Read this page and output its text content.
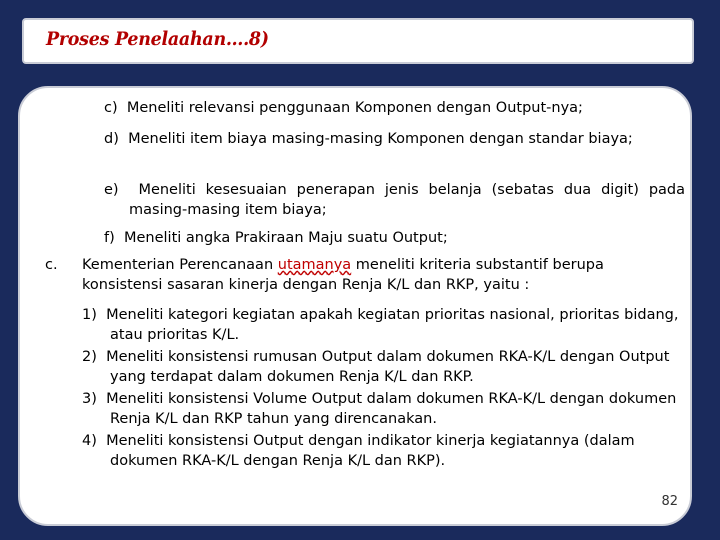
Proses Penelaahan….8)
c) Meneliti relevansi penggunaan Komponen dengan Output-nya;
d) Meneliti item biaya masing-masing Komponen dengan standar biaya;
e) Meneliti kesesuaian penerapan jenis belanja (sebatas dua digit) pada masing-masing item biaya;
f) Meneliti angka Prakiraan Maju suatu Output;
c. Kementerian Perencanaan utamanya meneliti kriteria substantif berupa konsistensi sasaran kinerja dengan Renja K/L dan RKP, yaitu :
1) Meneliti kategori kegiatan apakah kegiatan prioritas nasional, prioritas bidang, atau prioritas K/L.
2) Meneliti konsistensi rumusan Output dalam dokumen RKA-K/L dengan Output yang terdapat dalam dokumen Renja K/L dan RKP.
3) Meneliti konsistensi Volume Output dalam dokumen RKA-K/L dengan dokumen Renja K/L dan RKP tahun yang direncanakan.
4) Meneliti konsistensi Output dengan indikator kinerja kegiatannya (dalam dokumen RKA-K/L dengan Renja K/L dan RKP).
82
